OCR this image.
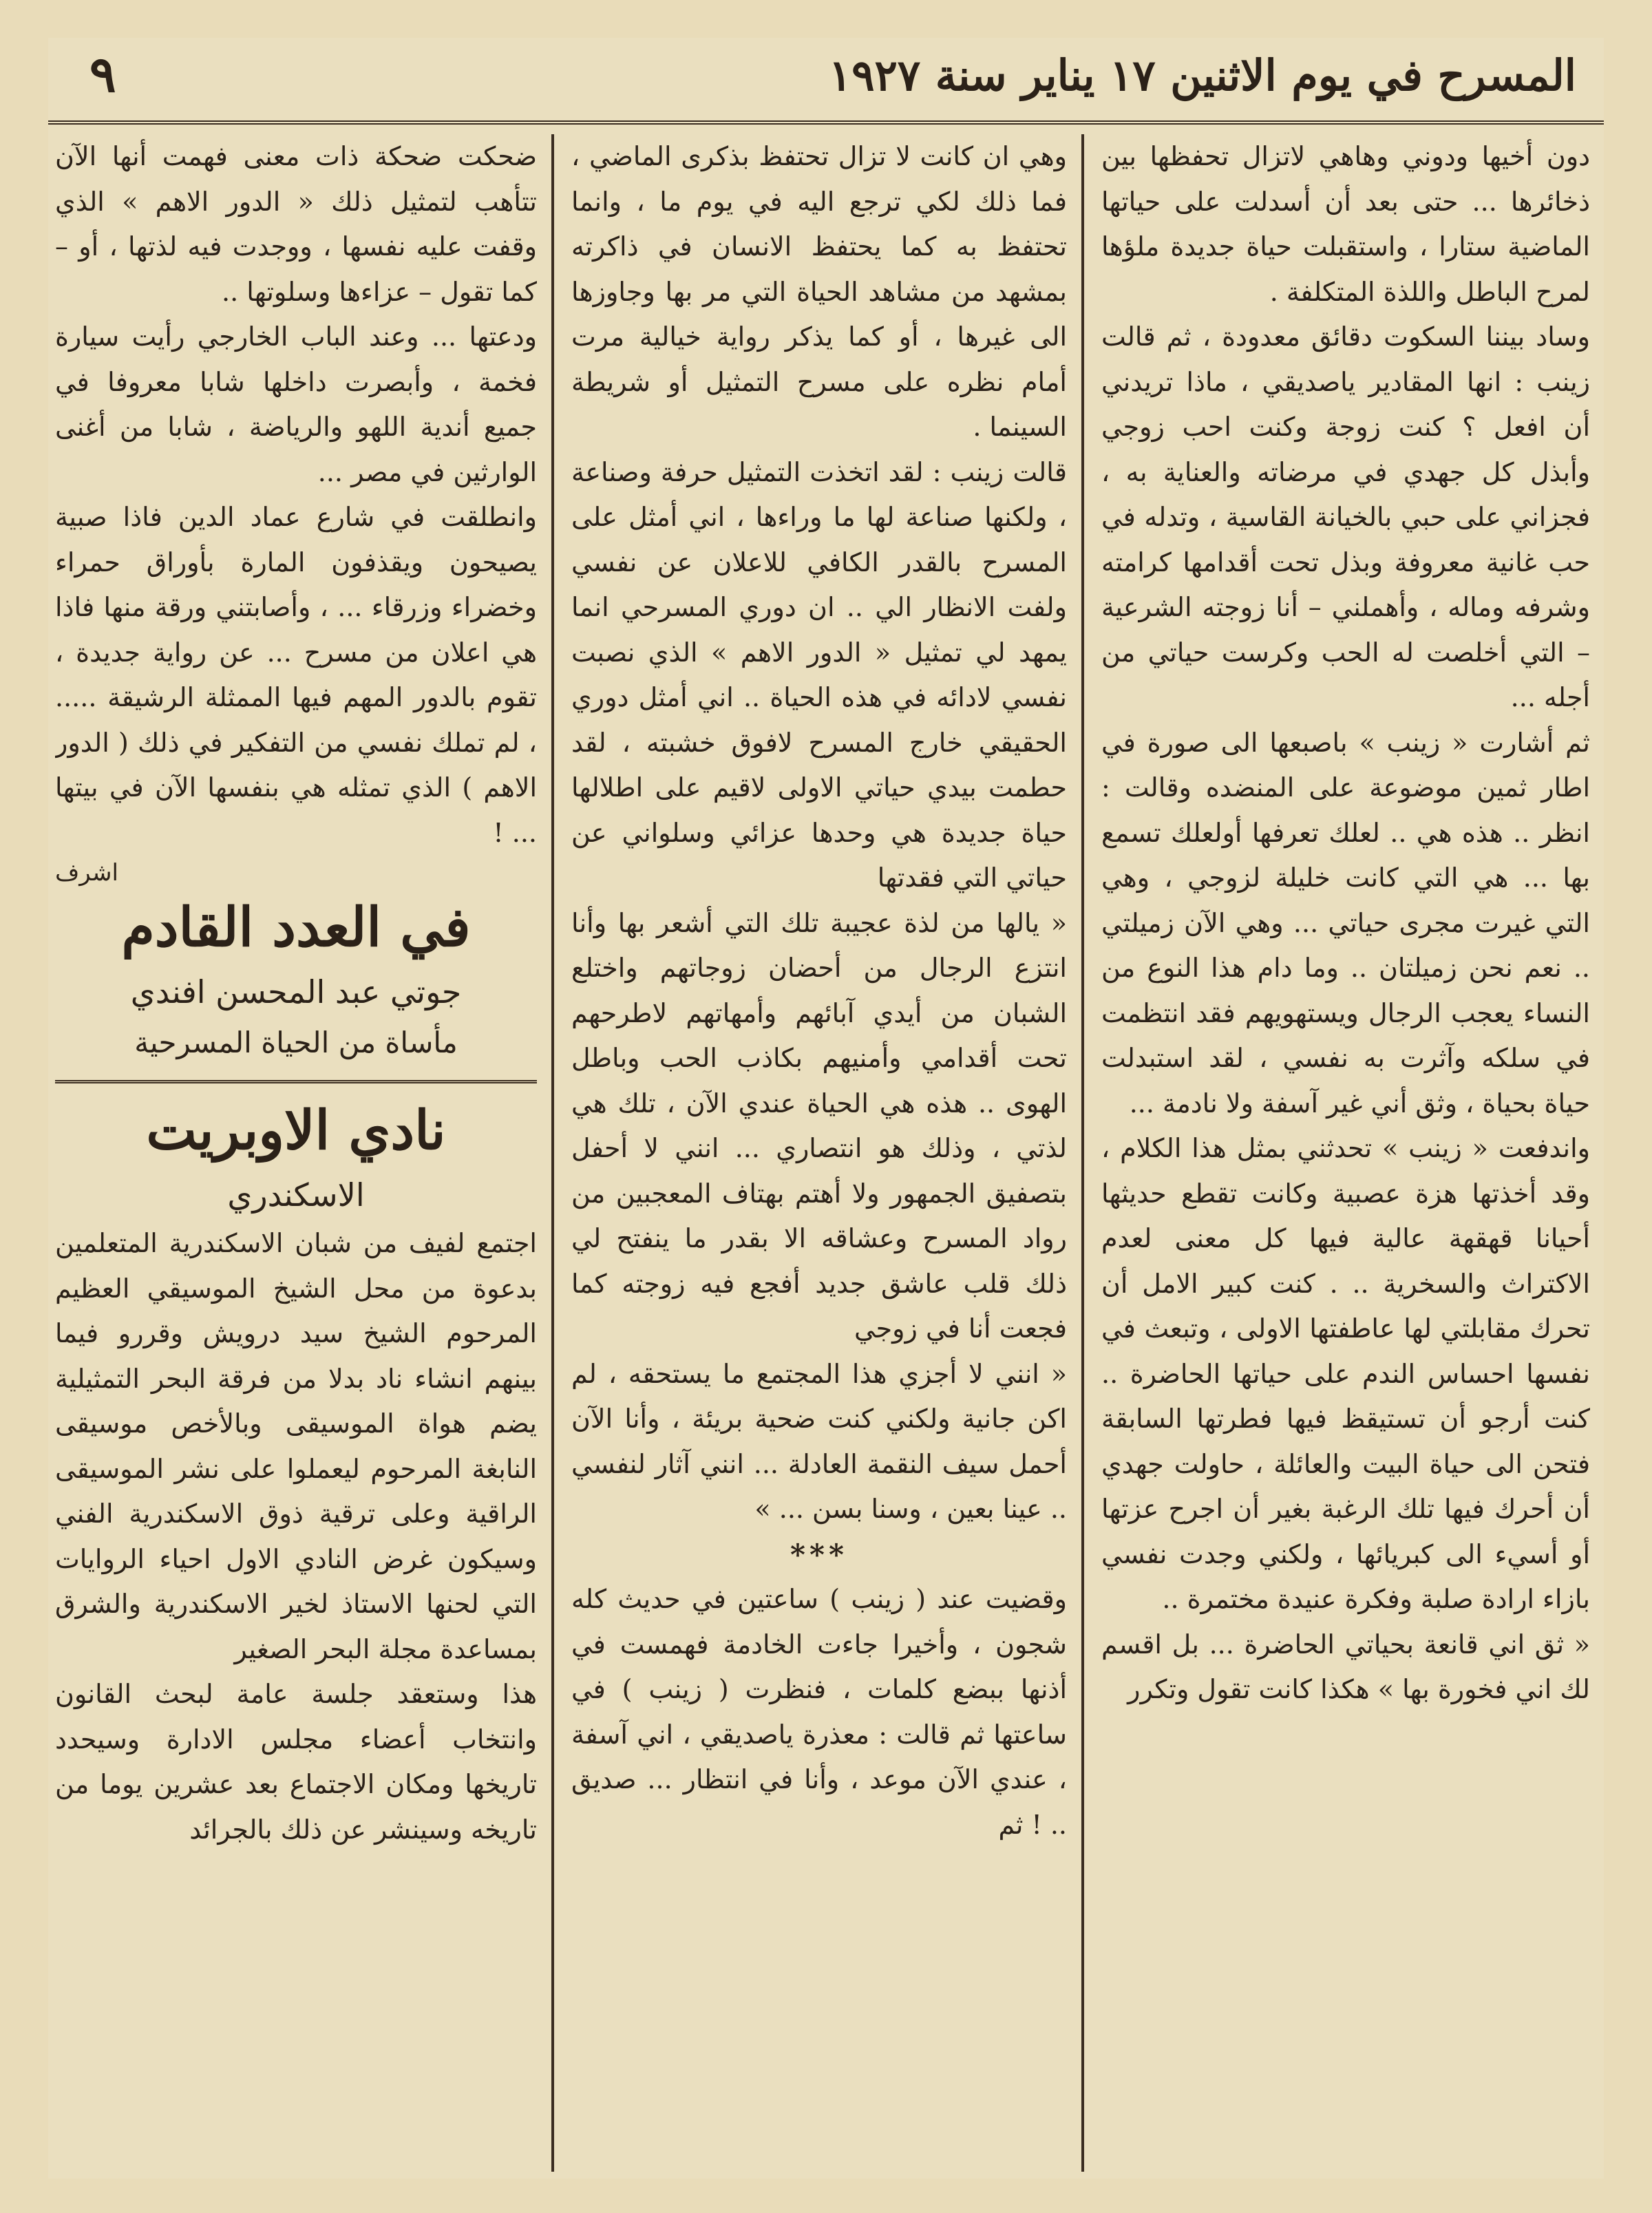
المسرح في يوم الاثنين ١٧ يناير سنة ١٩٢٧
٩

دون أخيها ودوني وهاهي لاتزال تحفظها بين ذخائرها ... حتى بعد أن أسدلت على حياتها الماضية ستارا ، واستقبلت حياة جديدة ملؤها لمرح الباطل واللذة المتكلفة .

وساد بيننا السكوت دقائق معدودة ، ثم قالت زينب : انها المقادير ياصديقي ، ماذا تريدني أن افعل ؟ كنت زوجة وكنت احب زوجي وأبذل كل جهدي في مرضاته والعناية به ، فجزاني على حبي بالخيانة القاسية ، وتدله في حب غانية معروفة وبذل تحت أقدامها كرامته وشرفه وماله ، وأهملني – أنا زوجته الشرعية – التي أخلصت له الحب وكرست حياتي من أجله ...

ثم أشارت « زينب » باصبعها الى صورة في اطار ثمين موضوعة على المنضده وقالت : انظر .. هذه هي .. لعلك تعرفها أولعلك تسمع بها ... هي التي كانت خليلة لزوجي ، وهي التي غيرت مجرى حياتي ... وهي الآن زميلتي .. نعم نحن زميلتان .. وما دام هذا النوع من النساء يعجب الرجال ويستهويهم فقد انتظمت في سلكه وآثرت به نفسي ، لقد استبدلت حياة بحياة ، وثق أني غير آسفة ولا نادمة ...

واندفعت « زينب » تحدثني بمثل هذا الكلام ، وقد أخذتها هزة عصبية وكانت تقطع حديثها أحيانا قهقهة عالية فيها كل معنى لعدم الاكتراث والسخرية .. . كنت كبير الامل أن تحرك مقابلتي لها عاطفتها الاولى ، وتبعث في نفسها احساس الندم على حياتها الحاضرة .. كنت أرجو أن تستيقظ فيها فطرتها السابقة فتحن الى حياة البيت والعائلة ، حاولت جهدي أن أحرك فيها تلك الرغبة بغير أن اجرح عزتها أو أسيء الى كبريائها ، ولكني وجدت نفسي بازاء ارادة صلبة وفكرة عنيدة مختمرة ..

« ثق اني قانعة بحياتي الحاضرة ... بل اقسم لك اني فخورة بها » هكذا كانت تقول وتكرر

وهي ان كانت لا تزال تحتفظ بذكرى الماضي ، فما ذلك لكي ترجع اليه في يوم ما ، وانما تحتفظ به كما يحتفظ الانسان في ذاكرته بمشهد من مشاهد الحياة التي مر بها وجاوزها الى غيرها ، أو كما يذكر رواية خيالية مرت أمام نظره على مسرح التمثيل أو شريطة السينما .

قالت زينب : لقد اتخذت التمثيل حرفة وصناعة ، ولكنها صناعة لها ما وراءها ، اني أمثل على المسرح بالقدر الكافي للاعلان عن نفسي ولفت الانظار الي .. ان دوري المسرحي انما يمهد لي تمثيل « الدور الاهم » الذي نصبت نفسي لادائه في هذه الحياة .. اني أمثل دوري الحقيقي خارج المسرح لافوق خشبته ، لقد حطمت بيدي حياتي الاولى لاقيم على اطلالها حياة جديدة هي وحدها عزائي وسلواني عن حياتي التي فقدتها

« يالها من لذة عجيبة تلك التي أشعر بها وأنا انتزع الرجال من أحضان زوجاتهم واختلع الشبان من أيدي آبائهم وأمهاتهم لاطرحهم تحت أقدامي وأمنيهم بكاذب الحب وباطل الهوى .. هذه هي الحياة عندي الآن ، تلك هي لذتي ، وذلك هو انتصاري ... انني لا أحفل بتصفيق الجمهور ولا أهتم بهتاف المعجبين من رواد المسرح وعشاقه الا بقدر ما ينفتح لي ذلك قلب عاشق جديد أفجع فيه زوجته كما فجعت أنا في زوجي

« انني لا أجزي هذا المجتمع ما يستحقه ، لم اكن جانية ولكني كنت ضحية بريئة ، وأنا الآن أحمل سيف النقمة العادلة ... انني آثار لنفسي .. عينا بعين ، وسنا بسن ... »

***

وقضيت عند ( زينب ) ساعتين في حديث كله شجون ، وأخيرا جاءت الخادمة فهمست في أذنها ببضع كلمات ، فنظرت ( زينب ) في ساعتها ثم قالت : معذرة ياصديقي ، اني آسفة ، عندي الآن موعد ، وأنا في انتظار ... صديق .. ! ثم

ضحكت ضحكة ذات معنى فهمت أنها الآن تتأهب لتمثيل ذلك « الدور الاهم » الذي وقفت عليه نفسها ، ووجدت فيه لذتها ، أو – كما تقول – عزاءها وسلوتها ..

ودعتها ... وعند الباب الخارجي رأيت سيارة فخمة ، وأبصرت داخلها شابا معروفا في جميع أندية اللهو والرياضة ، شابا من أغنى الوارثين في مصر ...

وانطلقت في شارع عماد الدين فاذا صبية يصيحون ويقذفون المارة بأوراق حمراء وخضراء وزرقاء ... ، وأصابتني ورقة منها فاذا هي اعلان من مسرح ... عن رواية جديدة ، تقوم بالدور المهم فيها الممثلة الرشيقة ..... ، لم تملك نفسي من التفكير في ذلك ( الدور الاهم ) الذي تمثله هي بنفسها الآن في بيتها ... !

اشرف

في العدد القادم

جوتي عبد المحسن افندي

مأساة من الحياة المسرحية

نادي الاوبريت

الاسكندري

اجتمع لفيف من شبان الاسكندرية المتعلمين بدعوة من محل الشيخ الموسيقي العظيم المرحوم الشيخ سيد درويش وقررو فيما بينهم انشاء ناد بدلا من فرقة البحر التمثيلية يضم هواة الموسيقى وبالأخص موسيقى النابغة المرحوم ليعملوا على نشر الموسيقى الراقية وعلى ترقية ذوق الاسكندرية الفني وسيكون غرض النادي الاول احياء الروايات التي لحنها الاستاذ لخير الاسكندرية والشرق بمساعدة مجلة البحر الصغير

هذا وستعقد جلسة عامة لبحث القانون وانتخاب أعضاء مجلس الادارة وسيحدد تاريخها ومكان الاجتماع بعد عشرين يوما من تاريخه وسينشر عن ذلك بالجرائد
